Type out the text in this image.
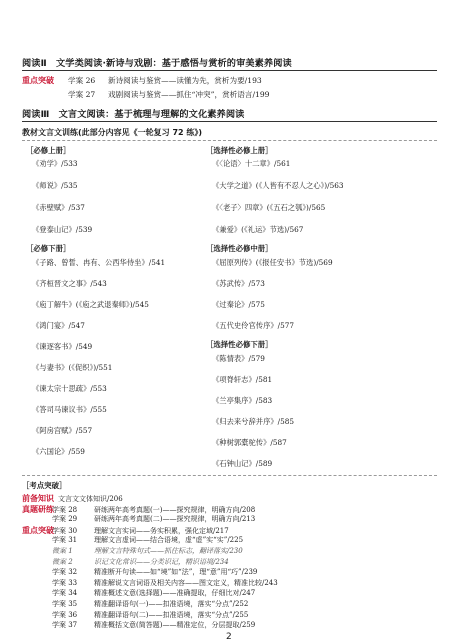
阅读Ⅱ　文学类阅读·新诗与戏剧：基于感悟与赏析的审美素养阅读
重点突破 学案 26 新诗阅读与鉴赏——读懂为先，赏析为要/193
学案 27 戏剧阅读与鉴赏——抓住“冲突”，赏析语言/199
阅读Ⅲ　文言文阅读：基于梳理与理解的文化素养阅读
教材文言文训练(此部分内容见《一轮复习 72 练》)
［必修上册］
《劝学》/533
《师说》/535
《赤壁赋》/537
《登泰山记》/539
［必修下册］
《子路、曾皙、冉有、公西华侍坐》/541
《齐桓晋文之事》/543
《庖丁解牛》(《庖之武退秦师》)/545
《鸿门宴》/547
《谏逐客书》/549
《与妻书》(《促织》)/551
《谏太宗十思疏》/553
《答司马谏议书》/555
《阿房宫赋》/557
《六国论》/559
［选择性必修上册］
《〈论语〉十二章》/561
《大学之道》(《人皆有不忍人之心》)/563
《〈老子〉四章》(《五石之瓠》)/565
《兼爱》(《礼运》节选)/567
［选择性必修中册］
《屈原列传》(《报任安书》节选)/569
《苏武传》/573
《过秦论》/575
《五代史伶官传序》/577
［选择性必修下册］
《陈情表》/579
《项脊轩志》/581
《兰亭集序》/583
《归去来兮辞并序》/585
《种树郭橐驼传》/587
《石钟山记》/589
［考点突破］
前备知识 文言文文体知识/206
真题研练学案 28 研练两年高考真题(一)——探究规律，明确方向/208
学案 29 研练两年高考真题(二)——探究规律，明确方向/213
重点突破学案 30 理解文言实词——务实积累，强化定域/217
学案 31 理解文言虚词——结合语境，虚“虚”实“实”/225
微案 1	理解文言特殊句式——抓住标志，翻译落实/230
微案 2	识记文化常识——分类识记，精识语境/234
学案 32 精准断开句读——如“境”如“法”，理“意”用“巧”/239
学案 33 精准解说文言词语及相关内容——图文定义，精准比较/243
学案 34 精准概述文意(选择题)——准确提取，仔细比对/247
2
学案 35 精准翻译语句(一)——扣准语境，落实“分点”/252
学案 36 精准翻译语句(二)——扣准语境，落实“分点”/255
学案 37 精准概括文意(简答题)——精准定位，分层提取/259
